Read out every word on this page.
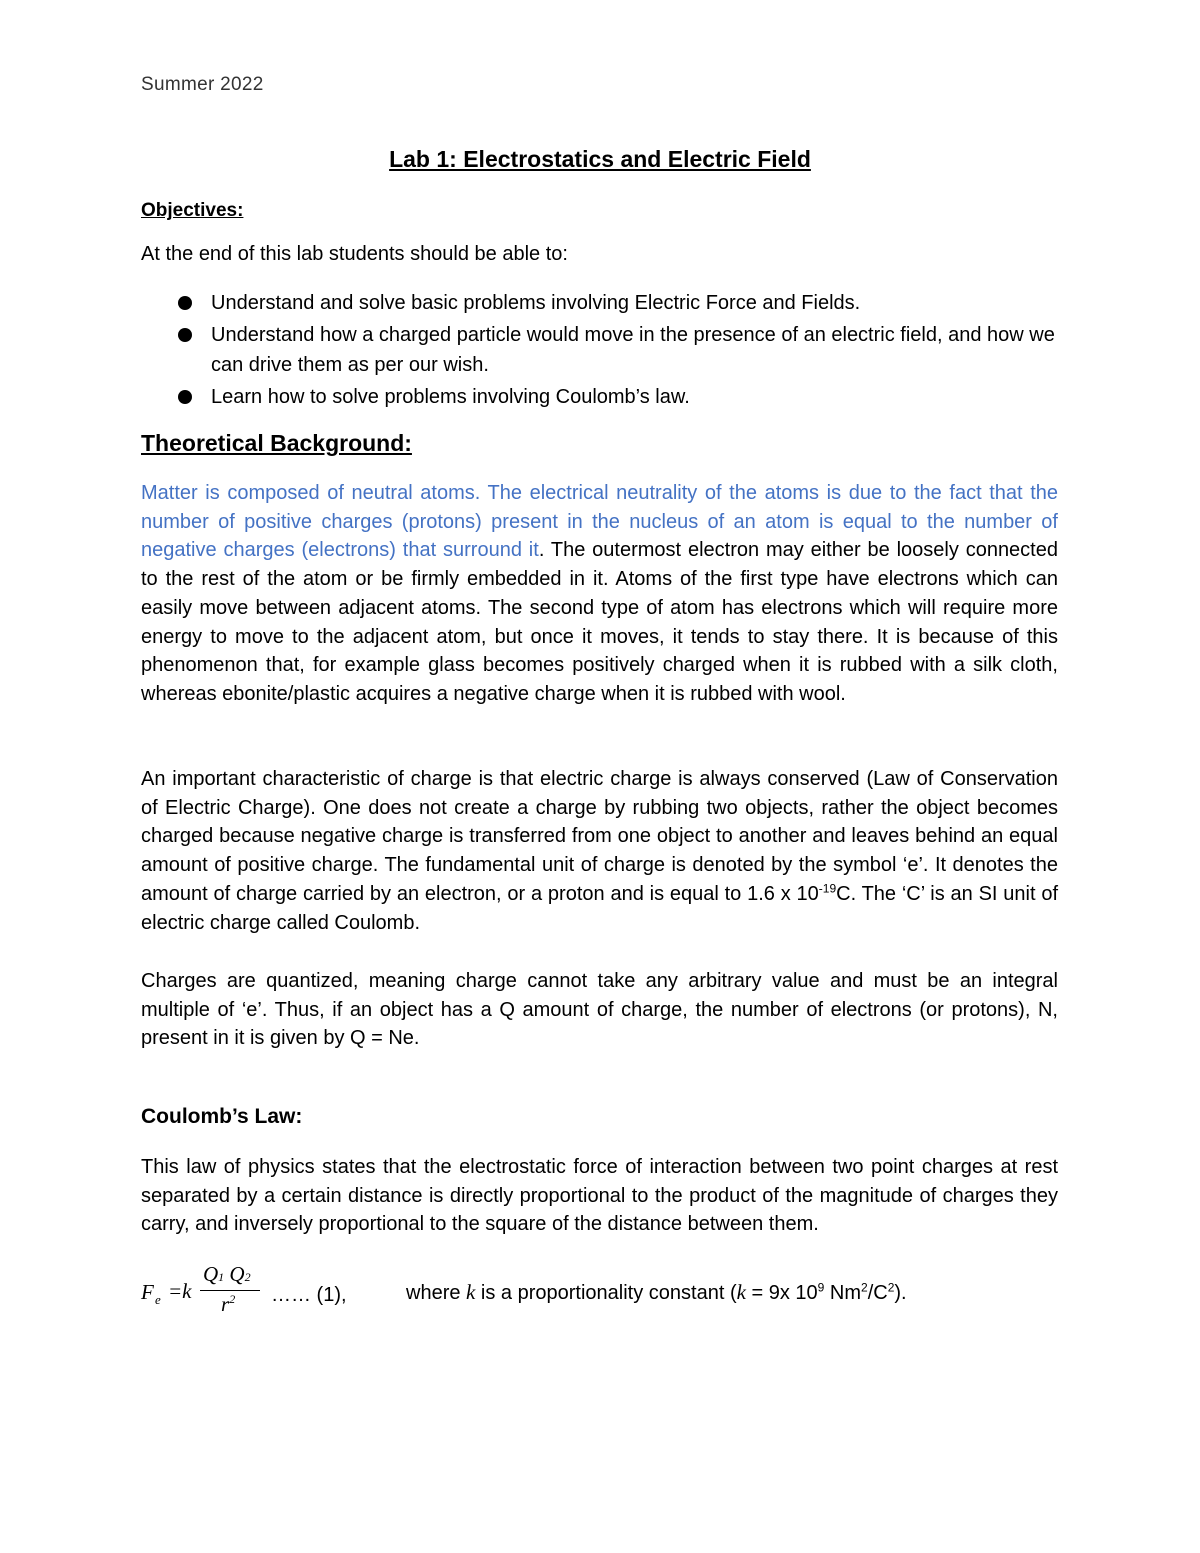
Summer 2022
Lab 1: Electrostatics and Electric Field
Objectives:
At the end of this lab students should be able to:
Understand and solve basic problems involving Electric Force and Fields.
Understand how a charged particle would move in the presence of an electric field, and how we can drive them as per our wish.
Learn how to solve problems involving Coulomb’s law.
Theoretical Background:

Matter is composed of neutral atoms. The electrical neutrality of the atoms is due to the fact that the number of positive charges (protons) present in the nucleus of an atom is equal to the number of negative charges (electrons) that surround it. The outermost electron may either be loosely connected to the rest of the atom or be firmly embedded in it. Atoms of the first type have electrons which can easily move between adjacent atoms. The second type of atom has electrons which will require more energy to move to the adjacent atom, but once it moves, it tends to stay there. It is because of this phenomenon that, for example glass becomes positively charged when it is rubbed with a silk cloth, whereas ebonite/plastic acquires a negative charge when it is rubbed with wool.

An important characteristic of charge is that electric charge is always conserved (Law of Conservation of Electric Charge). One does not create a charge by rubbing two objects, rather the object becomes charged because negative charge is transferred from one object to another and leaves behind an equal amount of positive charge. The fundamental unit of charge is denoted by the symbol ‘e’. It denotes the amount of charge carried by an electron, or a proton and is equal to 1.6 x $10^{-19}C$. The ‘C’ is an SI unit of electric charge called Coulomb.

Charges are quantized, meaning charge cannot take any arbitrary value and must be an integral multiple of ‘e’. Thus, if an object has a Q amount of charge, the number of electrons (or protons), N, present in it is given by Q = Ne.

Coulomb’s Law:

This law of physics states that the electrostatic force of interaction between two point charges at rest separated by a certain distance is directly proportional to the product of the magnitude of charges they carry, and inversely proportional to the square of the distance between them.

F e =k
Q1 Q2
$r^2$ …… (1),	where k is a proportionality constant (k = 9x $10^9$ $Nm^2/C^2$).
